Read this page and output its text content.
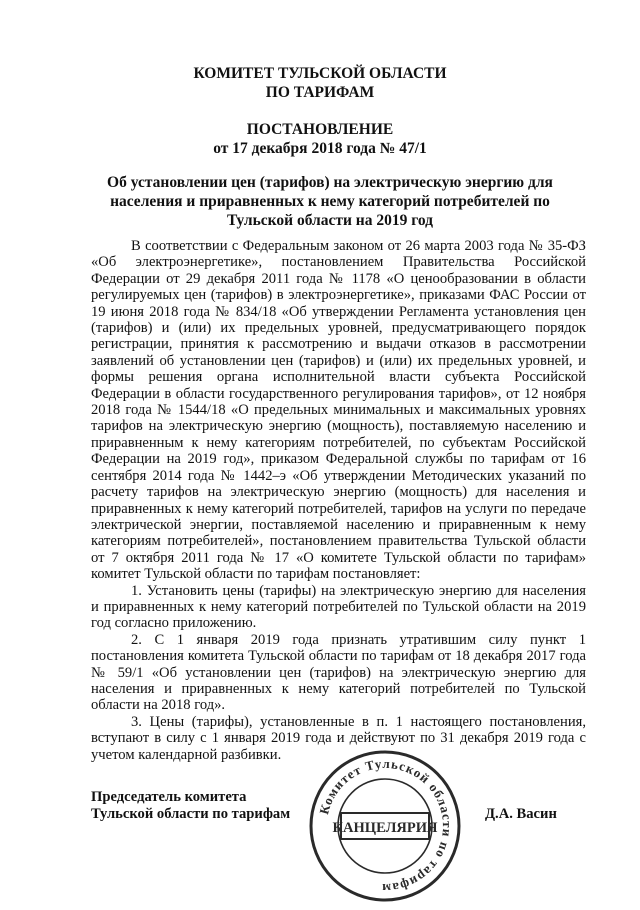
КОМИТЕТ ТУЛЬСКОЙ ОБЛАСТИ
ПО ТАРИФАМ
ПОСТАНОВЛЕНИЕ
от 17 декабря 2018 года № 47/1
Об установлении цен (тарифов) на электрическую энергию для населения и приравненных к нему категорий потребителей по Тульской области на 2019 год

В соответствии с Федеральным законом от 26 марта 2003 года № 35-ФЗ «Об электроэнергетике», постановлением Правительства Российской Федерации от 29 декабря 2011 года № 1178 «О ценообразовании в области регулируемых цен (тарифов) в электроэнергетике», приказами ФАС России от 19 июня 2018 года № 834/18 «Об утверждении Регламента установления цен (тарифов) и (или) их предельных уровней, предусматривающего порядок регистрации, принятия к рассмотрению и выдачи отказов в рассмотрении заявлений об установлении цен (тарифов) и (или) их предельных уровней, и формы решения органа исполнительной власти субъекта Российской Федерации в области государственного регулирования тарифов», от 12 ноября 2018 года № 1544/18 «О предельных минимальных и максимальных уровнях тарифов на электрическую энергию (мощность), поставляемую населению и приравненным к нему категориям потребителей, по субъектам Российской Федерации на 2019 год», приказом Федеральной службы по тарифам от 16 сентября 2014 года № 1442–э «Об утверждении Методических указаний по расчету тарифов на электрическую энергию (мощность) для населения и приравненных к нему категорий потребителей, тарифов на услуги по передаче электрической энергии, поставляемой населению и приравненным к нему категориям потребителей», постановлением правительства Тульской области от 7 октября 2011 года № 17 «О комитете Тульской области по тарифам» комитет Тульской области по тарифам постановляет:

1. Установить цены (тарифы) на электрическую энергию для населения и приравненных к нему категорий потребителей по Тульской области на 2019 год согласно приложению.

2. С 1 января 2019 года признать утратившим силу пункт 1 постановления комитета Тульской области по тарифам от 18 декабря 2017 года № 59/1 «Об установлении цен (тарифов) на электрическую энергию для населения и приравненных к нему категорий потребителей по Тульской области на 2018 год».

3. Цены (тарифы), установленные в п. 1 настоящего постановления, вступают в силу с 1 января 2019 года и действуют по 31 декабря 2019 года с учетом календарной разбивки.

Председатель комитета
Тульской области по тарифам	Д.А. Васин
Комитет Тульской области по тарифам
КАНЦЕЛЯРИЯ
